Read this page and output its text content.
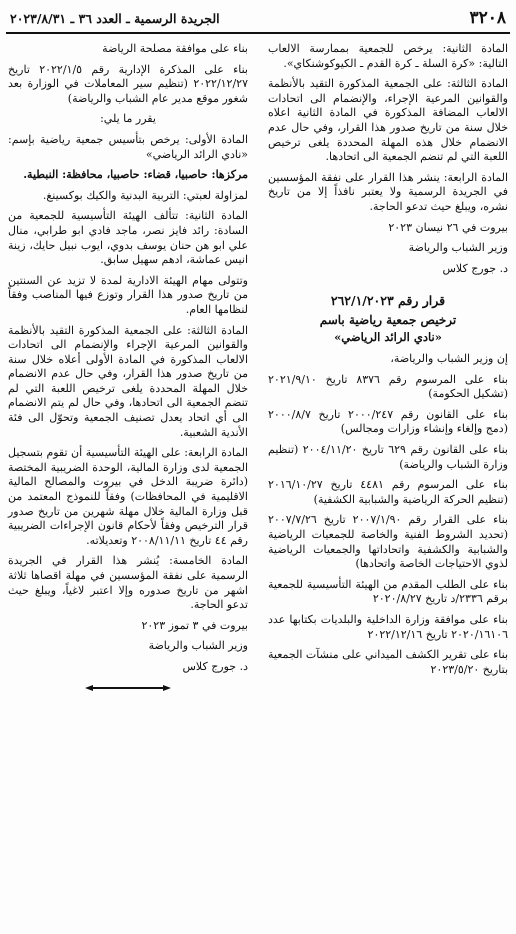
٣٢٠٨
الجريدة الرسمية ـ العدد ٣٦ ـ ٢٠٢٣/٨/٣١

المادة الثانية: يرخص للجمعية بممارسة الالعاب التالية: «كرة السلة ـ كرة القدم ـ الكيوكوشنكاي».

المادة الثالثة: على الجمعية المذكورة التقيد بالأنظمة والقوانين المرعية الإجراء، والإنضمام الى اتحادات الالعاب المضافة المذكورة في المادة الثانية اعلاه خلال سنة من تاريخ صدور هذا القرار، وفي حال عدم الانضمام خلال هذه المهلة المحددة يلغى ترخيص اللعبة التي لم تنضم الجمعية الى اتحادها.

المادة الرابعة: ينشر هذا القرار على نفقة المؤسسين في الجريدة الرسمية ولا يعتبر نافذاً إلا من تاريخ نشره، ويبلغ حيث تدعو الحاجة.

بيروت في ٢٦ نيسان ٢٠٢٣

وزير الشباب والرياضة

د. جورج كلاس

قرار رقم ٢٦٢/١/٢٠٢٣
ترخيص جمعية رياضية باسم
«نادي الرائد الرياضي»

إن وزير الشباب والرياضة،

بناء على المرسوم رقم ٨٣٧٦ تاريخ ٢٠٢١/٩/١٠ (تشكيل الحكومة)

بناء على القانون رقم ٢٠٠٠/٢٤٧ تاريخ ٢٠٠٠/٨/٧ (دمج وإلغاء وإنشاء وزارات ومجالس)

بناء على القانون رقم ٦٢٩ تاريخ ٢٠٠٤/١١/٢٠ (تنظيم وزارة الشباب والرياضة)

بناء على المرسوم رقم ٤٤٨١ تاريخ ٢٠١٦/١٠/٢٧ (تنظيم الحركة الرياضية والشبابية الكشفية)

بناء على القرار رقم ٢٠٠٧/١/٩٠ تاريخ ٢٠٠٧/٧/٢٦ (تحديد الشروط الفنية والخاصة للجمعيات الرياضية والشبابية والكشفية واتحاداتها والجمعيات الرياضية لذوي الاحتياجات الخاصة واتحادها)

بناء على الطلب المقدم من الهيئة التأسيسية للجمعية برقم ٢٣٣٦/د تاريخ ٢٠٢٠/٨/٢٧

بناء على موافقة وزارة الداخلية والبلديات بكتابها عدد ٢٠٢٠/١٦١٠٦ تاريخ ٢٠٢٢/١٢/١٦

بناء على تقرير الكشف الميداني على منشآت الجمعية بتاريخ ٢٠٢٣/٥/٢٠

بناء على موافقة مصلحة الرياضة

بناء على المذكرة الإدارية رقم ٢٠٢٢/١/٥ تاريخ ٢٠٢٢/١٢/٢٧ (تنظيم سير المعاملات في الوزارة بعد شغور موقع مدير عام الشباب والرياضة)

يقرر ما يلي:

المادة الأولى: يرخص بتأسيس جمعية رياضية بإسم: «نادي الرائد الرياضي»

مركزها: حاصبيا، قضاء: حاصبيا، محافظة: النبطية.

لمزاولة لعبتي: التربية البدنية والكيك بوكسينغ.

المادة الثانية: تتألف الهيئة التأسيسية للجمعية من السادة: رائد فايز نصر، ماجد فادي ابو طرابي، منال علي ابو هن حنان يوسف بدوي، ايوب نبيل حايك، زينة انيس عماشة، ادهم سهيل سابق.

وتتولى مهام الهيئة الادارية لمدة لا تزيد عن السنتين من تاريخ صدور هذا القرار وتوزع فيها المناصب وفقاً لنظامها العام.

المادة الثالثة: على الجمعية المذكورة التقيد بالأنظمة والقوانين المرعية الإجراء والإنضمام الى اتحادات الالعاب المذكورة في المادة الأولى أعلاه خلال سنة من تاريخ صدور هذا القرار، وفي حال عدم الانضمام خلال المهلة المحددة يلغى ترخيص اللعبة التي لم تنضم الجمعية الى اتحادها، وفي حال لم يتم الانضمام الى أي اتحاد يعدل تصنيف الجمعية وتحوّل الى فئة الأندية الشعبية.

المادة الرابعة: على الهيئة التأسيسية أن تقوم بتسجيل الجمعية لدى وزارة المالية، الوحدة الضريبية المختصة (دائرة ضريبة الدخل في بيروت والمصالح المالية الاقليمية في المحافظات) وفقاً للنموذج المعتمد من قبل وزارة المالية خلال مهلة شهرين من تاريخ صدور قرار الترخيص وفقاً لأحكام قانون الإجراءات الضريبية رقم ٤٤ تاريخ ٢٠٠٨/١١/١١ وتعديلاته.

المادة الخامسة: يُنشر هذا القرار في الجريدة الرسمية على نفقة المؤسسين في مهلة اقصاها ثلاثة اشهر من تاريخ صدوره وإلا اعتبر لاغياً، ويبلغ حيث تدعو الحاجة.

بيروت في ٣ تموز ٢٠٢٣

وزير الشباب والرياضة

د. جورج كلاس
